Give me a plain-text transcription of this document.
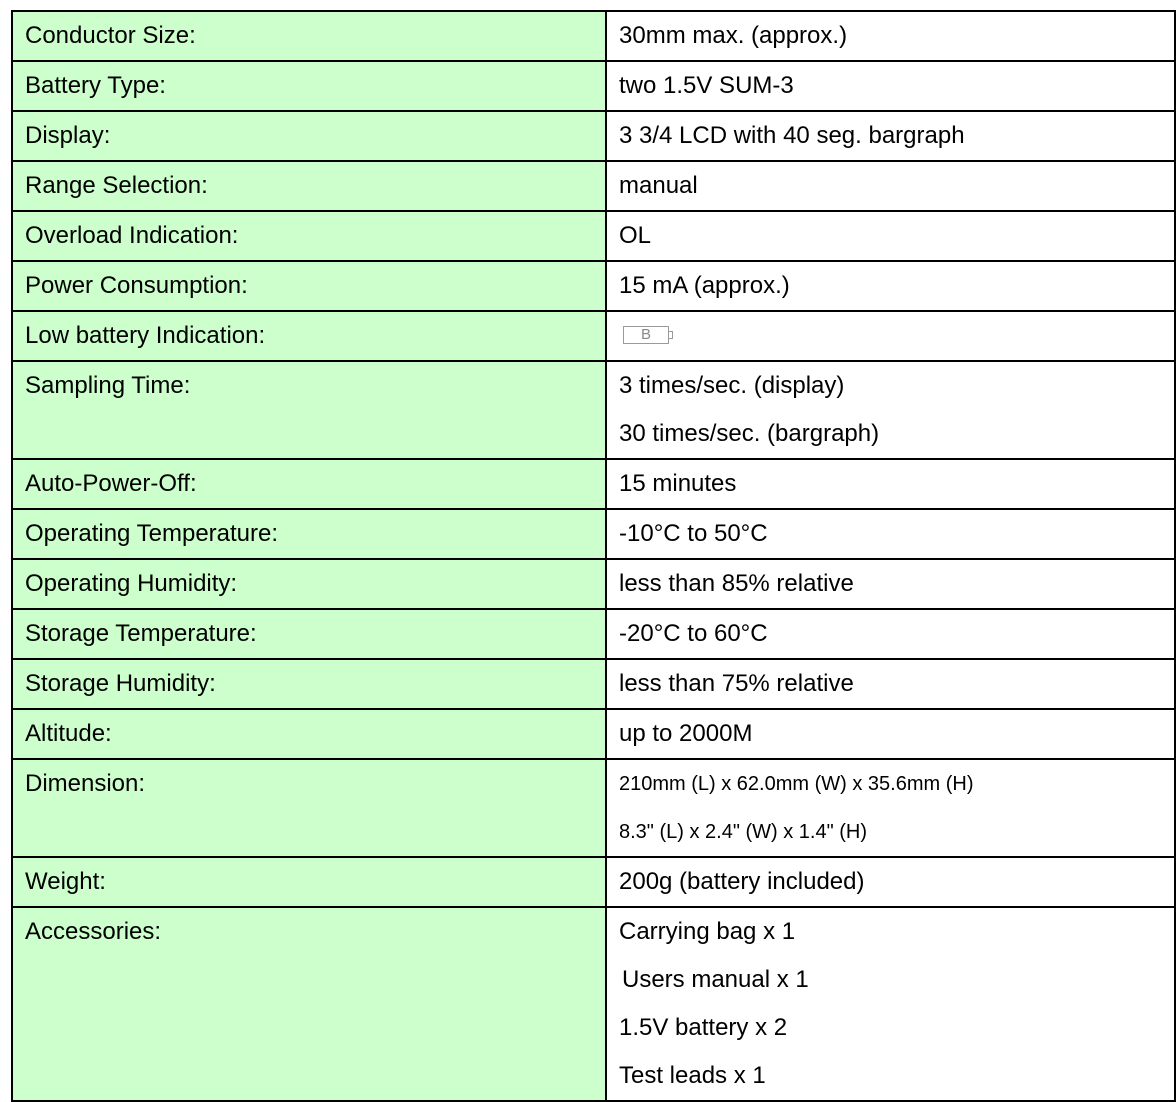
Conductor Size:	30mm max. (approx.)

Battery Type:	two 1.5V SUM-3

Display:	3 3/4 LCD with 40 seg. bargraph

Range Selection:	manual

Overload Indication:	OL

Power Consumption:	15 mA (approx.)

Low battery Indication:	B

Sampling Time:	3 times/sec. (display)
30 times/sec. (bargraph)

Auto-Power-Off:	15 minutes

Operating Temperature:	-10°C to 50°C

Operating Humidity:	less than 85% relative

Storage Temperature:	-20°C to 60°C

Storage Humidity:	less than 75% relative

Altitude:	up to 2000M

Dimension:	210mm (L) x 62.0mm (W) x 35.6mm (H)
8.3" (L) x 2.4" (W) x 1.4" (H)

Weight:	200g (battery included)

Accessories:	Carrying bag x 1
Users manual x 1
1.5V battery x 2
Test leads x 1
